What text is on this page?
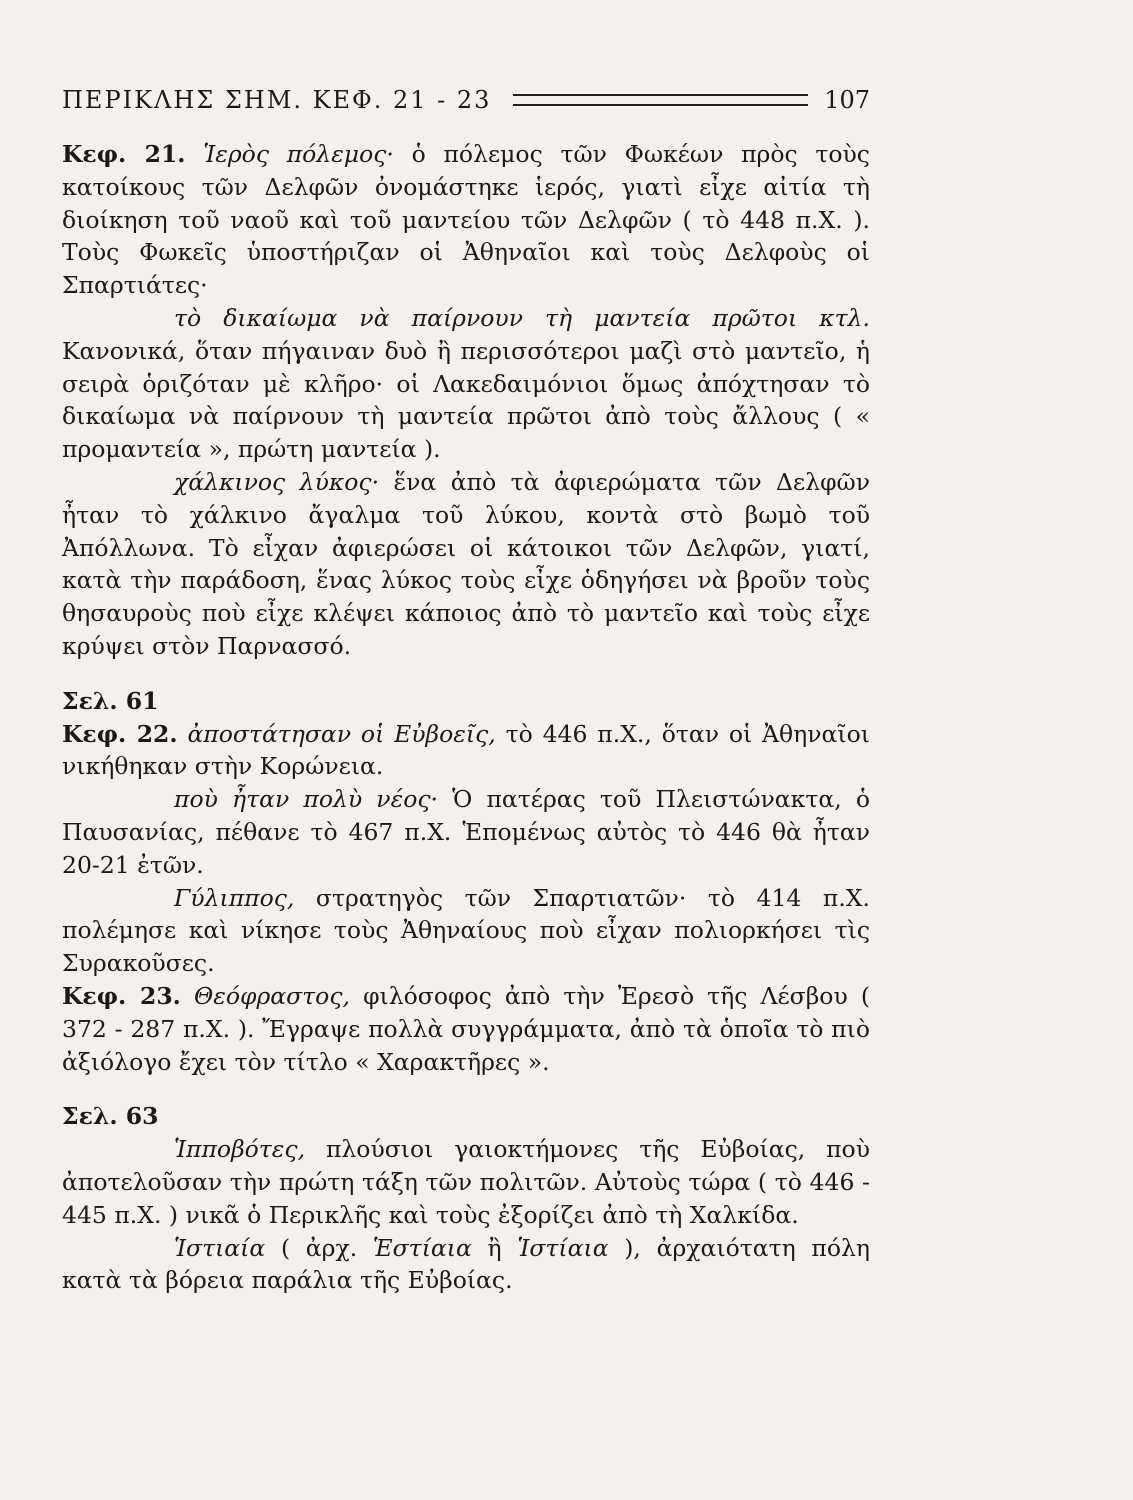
ΠΕΡΙΚΛΗΣ ΣΗΜ. ΚΕΦ. 21 - 23	107

Κεφ. 21. Ἱερὸς πόλεμος· ὁ πόλεμος τῶν Φωκέων πρὸς τοὺς κατοίκους τῶν Δελφῶν ὀνομάστηκε ἱερός, γιατὶ εἶχε αἰτία τὴ διοίκηση τοῦ ναοῦ καὶ τοῦ μαντείου τῶν Δελφῶν ( τὸ 448 π.Χ. ). Τοὺς Φωκεῖς ὑποστήριζαν οἱ Ἀθηναῖοι καὶ τοὺς Δελφοὺς οἱ Σπαρτιάτες·

τὸ δικαίωμα νὰ παίρνουν τὴ μαντεία πρῶτοι κτλ. Κανονικά, ὅταν πήγαιναν δυὸ ἢ περισσότεροι μαζὶ στὸ μαντεῖο, ἡ σειρὰ ὁριζόταν μὲ κλῆρο· οἱ Λακεδαιμόνιοι ὅμως ἀπόχτησαν τὸ δικαίωμα νὰ παίρνουν τὴ μαντεία πρῶτοι ἀπὸ τοὺς ἄλλους ( « προμαντεία », πρώτη μαντεία ).

χάλκινος λύκος· ἕνα ἀπὸ τὰ ἀφιερώματα τῶν Δελφῶν ἦταν τὸ χάλκινο ἄγαλμα τοῦ λύκου, κοντὰ στὸ βωμὸ τοῦ Ἀπόλλωνα. Τὸ εἶχαν ἀφιερώσει οἱ κάτοικοι τῶν Δελφῶν, γιατί, κατὰ τὴν παράδοση, ἕνας λύκος τοὺς εἶχε ὁδηγήσει νὰ βροῦν τοὺς θησαυροὺς ποὺ εἶχε κλέψει κάποιος ἀπὸ τὸ μαντεῖο καὶ τοὺς εἶχε κρύψει στὸν Παρνασσό.

Σελ. 61

Κεφ. 22. ἀποστάτησαν οἱ Εὐβοεῖς, τὸ 446 π.Χ., ὅταν οἱ Ἀθηναῖοι νικήθηκαν στὴν Κορώνεια.

ποὺ ἦταν πολὺ νέος· Ὁ πατέρας τοῦ Πλειστώνακτα, ὁ Παυσανίας, πέθανε τὸ 467 π.Χ. Ἑπομένως αὐτὸς τὸ 446 θὰ ἦταν 20-21 ἐτῶν.

Γύλιππος, στρατηγὸς τῶν Σπαρτιατῶν· τὸ 414 π.Χ. πολέμησε καὶ νίκησε τοὺς Ἀθηναίους ποὺ εἶχαν πολιορκήσει τὶς Συρακοῦσες.

Κεφ. 23. Θεόφραστος, φιλόσοφος ἀπὸ τὴν Ἐρεσὸ τῆς Λέσβου ( 372 - 287 π.Χ. ). Ἔγραψε πολλὰ συγγράμματα, ἀπὸ τὰ ὁποῖα τὸ πιὸ ἀξιόλογο ἔχει τὸν τίτλο « Χαρακτῆρες ».

Σελ. 63

Ἱπποβότες, πλούσιοι γαιοκτήμονες τῆς Εὐβοίας, ποὺ ἀποτελοῦσαν τὴν πρώτη τάξη τῶν πολιτῶν. Αὐτοὺς τώρα ( τὸ 446 - 445 π.Χ. ) νικᾶ ὁ Περικλῆς καὶ τοὺς ἐξορίζει ἀπὸ τὴ Χαλκίδα.

Ἱστιαία ( ἀρχ. Ἑστίαια ἢ Ἱστίαια ), ἀρχαιότατη πόλη κατὰ τὰ βόρεια παράλια τῆς Εὐβοίας.
